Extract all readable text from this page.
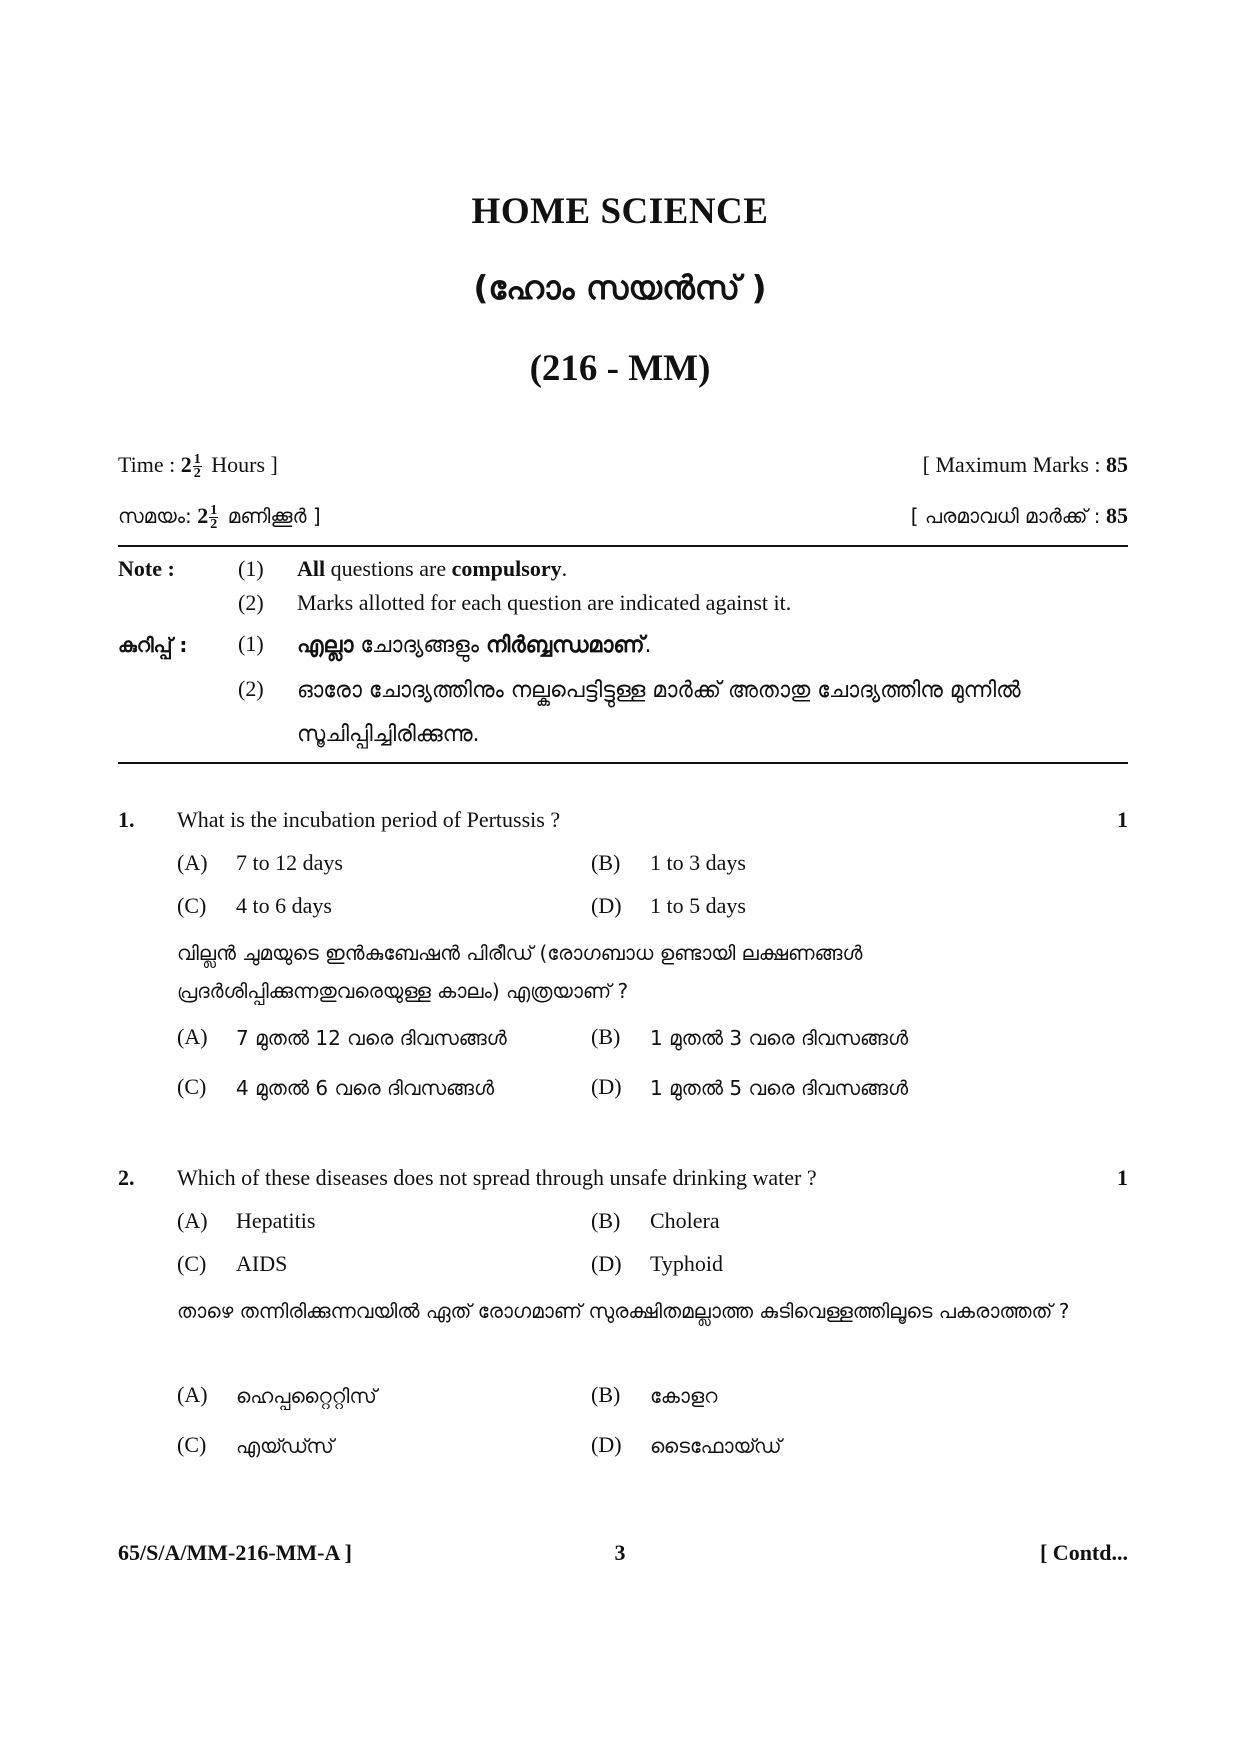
HOME SCIENCE
(ഹോം സയൻസ് )
(216 - MM)
Time : $2 \frac{1}{2}$ Hours ]	[ Maximum Marks : 85
സമയം: $2 \frac{1}{2}$ മണിക്കൂർ ]	[ പരമാവധി മാർക്ക് : 85
Note :	(1) All questions are compulsory.
(2) Marks allotted for each question are indicated against it.
കുറിപ്പ് : (1) എല്ലാ ചോദ്യങ്ങളും നിർബ്ബന്ധമാണ്.
(2) ഓരോ ചോദ്യത്തിനും നല്കപെട്ടിട്ടുള്ള മാർക്ക് അതാതു ചോദ്യത്തിനു മുന്നിൽ സൂചിപ്പിച്ചിരിക്കുന്നു.
1. What is the incubation period of Pertussis ?	1
(A) 7 to 12 days	(B) 1 to 3 days
(C) 4 to 6 days	(D) 1 to 5 days
വില്ലൻ ചുമയുടെ ഇൻകുബേഷൻ പിരീഡ് (രോഗബാധ ഉണ്ടായി ലക്ഷണങ്ങൾ പ്രദർശിപ്പിക്കുന്നതുവരെയുള്ള കാലം) എത്രയാണ് ?
(A) 7 മുതൽ 12 വരെ ദിവസങ്ങൾ	(B) 1 മുതൽ 3 വരെ ദിവസങ്ങൾ
(C) 4 മുതൽ 6 വരെ ദിവസങ്ങൾ	(D) 1 മുതൽ 5 വരെ ദിവസങ്ങൾ
2. Which of these diseases does not spread through unsafe drinking water ?	1
(A) Hepatitis	(B) Cholera
(C) AIDS	(D) Typhoid
താഴെ തന്നിരിക്കുന്നവയിൽ ഏത് രോഗമാണ് സുരക്ഷിതമല്ലാത്ത കുടിവെള്ളത്തിലൂടെ പകരാത്തത് ?
(A) ഹെപ്പറ്റൈറ്റിസ്	(B) കോളറ
(C) എയ്ഡ്സ്	(D) ടൈഫോയ്ഡ്
65/S/A/MM-216-MM-A ]	3	[ Contd...
